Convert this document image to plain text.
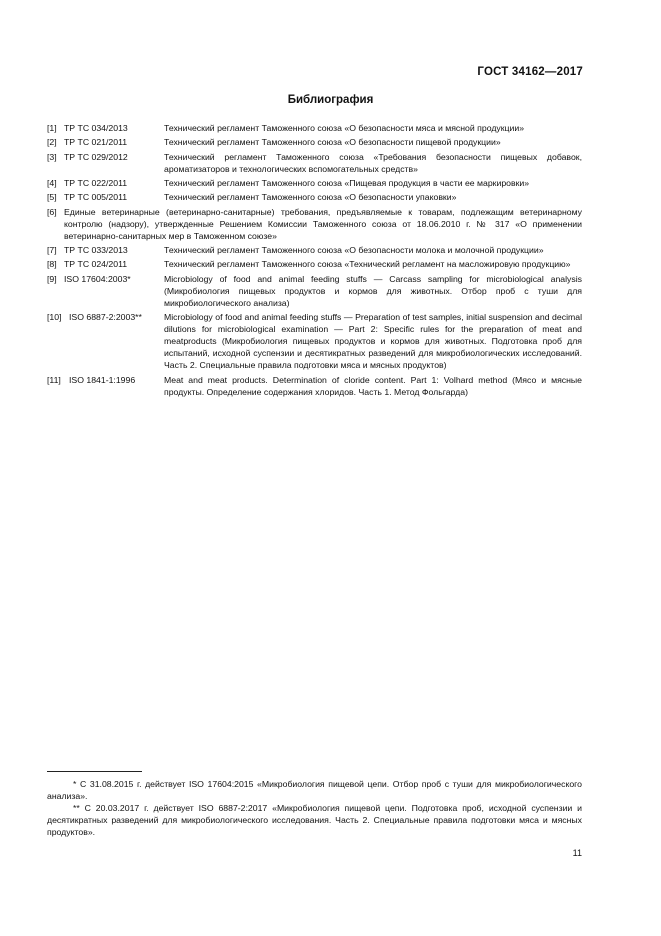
ГОСТ 34162—2017
Библиография
[1] ТР ТС 034/2013	Технический регламент Таможенного союза «О безопасности мяса и мясной продукции»
[2] ТР ТС 021/2011	Технический регламент Таможенного союза «О безопасности пищевой продукции»
[3] ТР ТС 029/2012	Технический регламент Таможенного союза «Требования безопасности пищевых добавок, ароматизаторов и технологических вспомогательных средств»
[4] ТР ТС 022/2011	Технический регламент Таможенного союза «Пищевая продукция в части ее маркировки»
[5] ТР ТС 005/2011	Технический регламент Таможенного союза «О безопасности упаковки»
[6] Единые ветеринарные (ветеринарно-санитарные) требования, предъявляемые к товарам, подлежащим ветеринарному контролю (надзору), утвержденные Решением Комиссии Таможенного союза от 18.06.2010 г. № 317 «О применении ветеринарно-санитарных мер в Таможенном союзе»
[7] ТР ТС 033/2013	Технический регламент Таможенного союза «О безопасности молока и молочной продукции»
[8] ТР ТС 024/2011	Технический регламент Таможенного союза «Технический регламент на масложировую продукцию»
[9] ISO 17604:2003*	Microbiology of food and animal feeding stuffs — Carcass sampling for microbiological analysis (Микробиология пищевых продуктов и кормов для животных. Отбор проб с туши для микробиологического анализа)
[10] ISO 6887-2:2003**	Microbiology of food and animal feeding stuffs — Preparation of test samples, initial suspension and decimal dilutions for microbiological examination — Part 2: Specific rules for the preparation of meat and meatproducts (Микробиология пищевых продуктов и кормов для животных. Подготовка проб для испытаний, исходной суспензии и десятикратных разведений для микробиологических исследований. Часть 2. Специальные правила подготовки мяса и мясных продуктов)
[11] ISO 1841-1:1996	Meat and meat products. Determination of cloride content. Part 1: Volhard method (Мясо и мясные продукты. Определение содержания хлоридов. Часть 1. Метод Фольгарда)

* С 31.08.2015 г. действует ISO 17604:2015 «Микробиология пищевой цепи. Отбор проб с туши для микробиологического анализа».

** С 20.03.2017 г. действует ISO 6887-2:2017 «Микробиология пищевой цепи. Подготовка проб, исходной суспензии и десятикратных разведений для микробиологического исследования. Часть 2. Специальные правила подготовки мяса и мясных продуктов».

11
